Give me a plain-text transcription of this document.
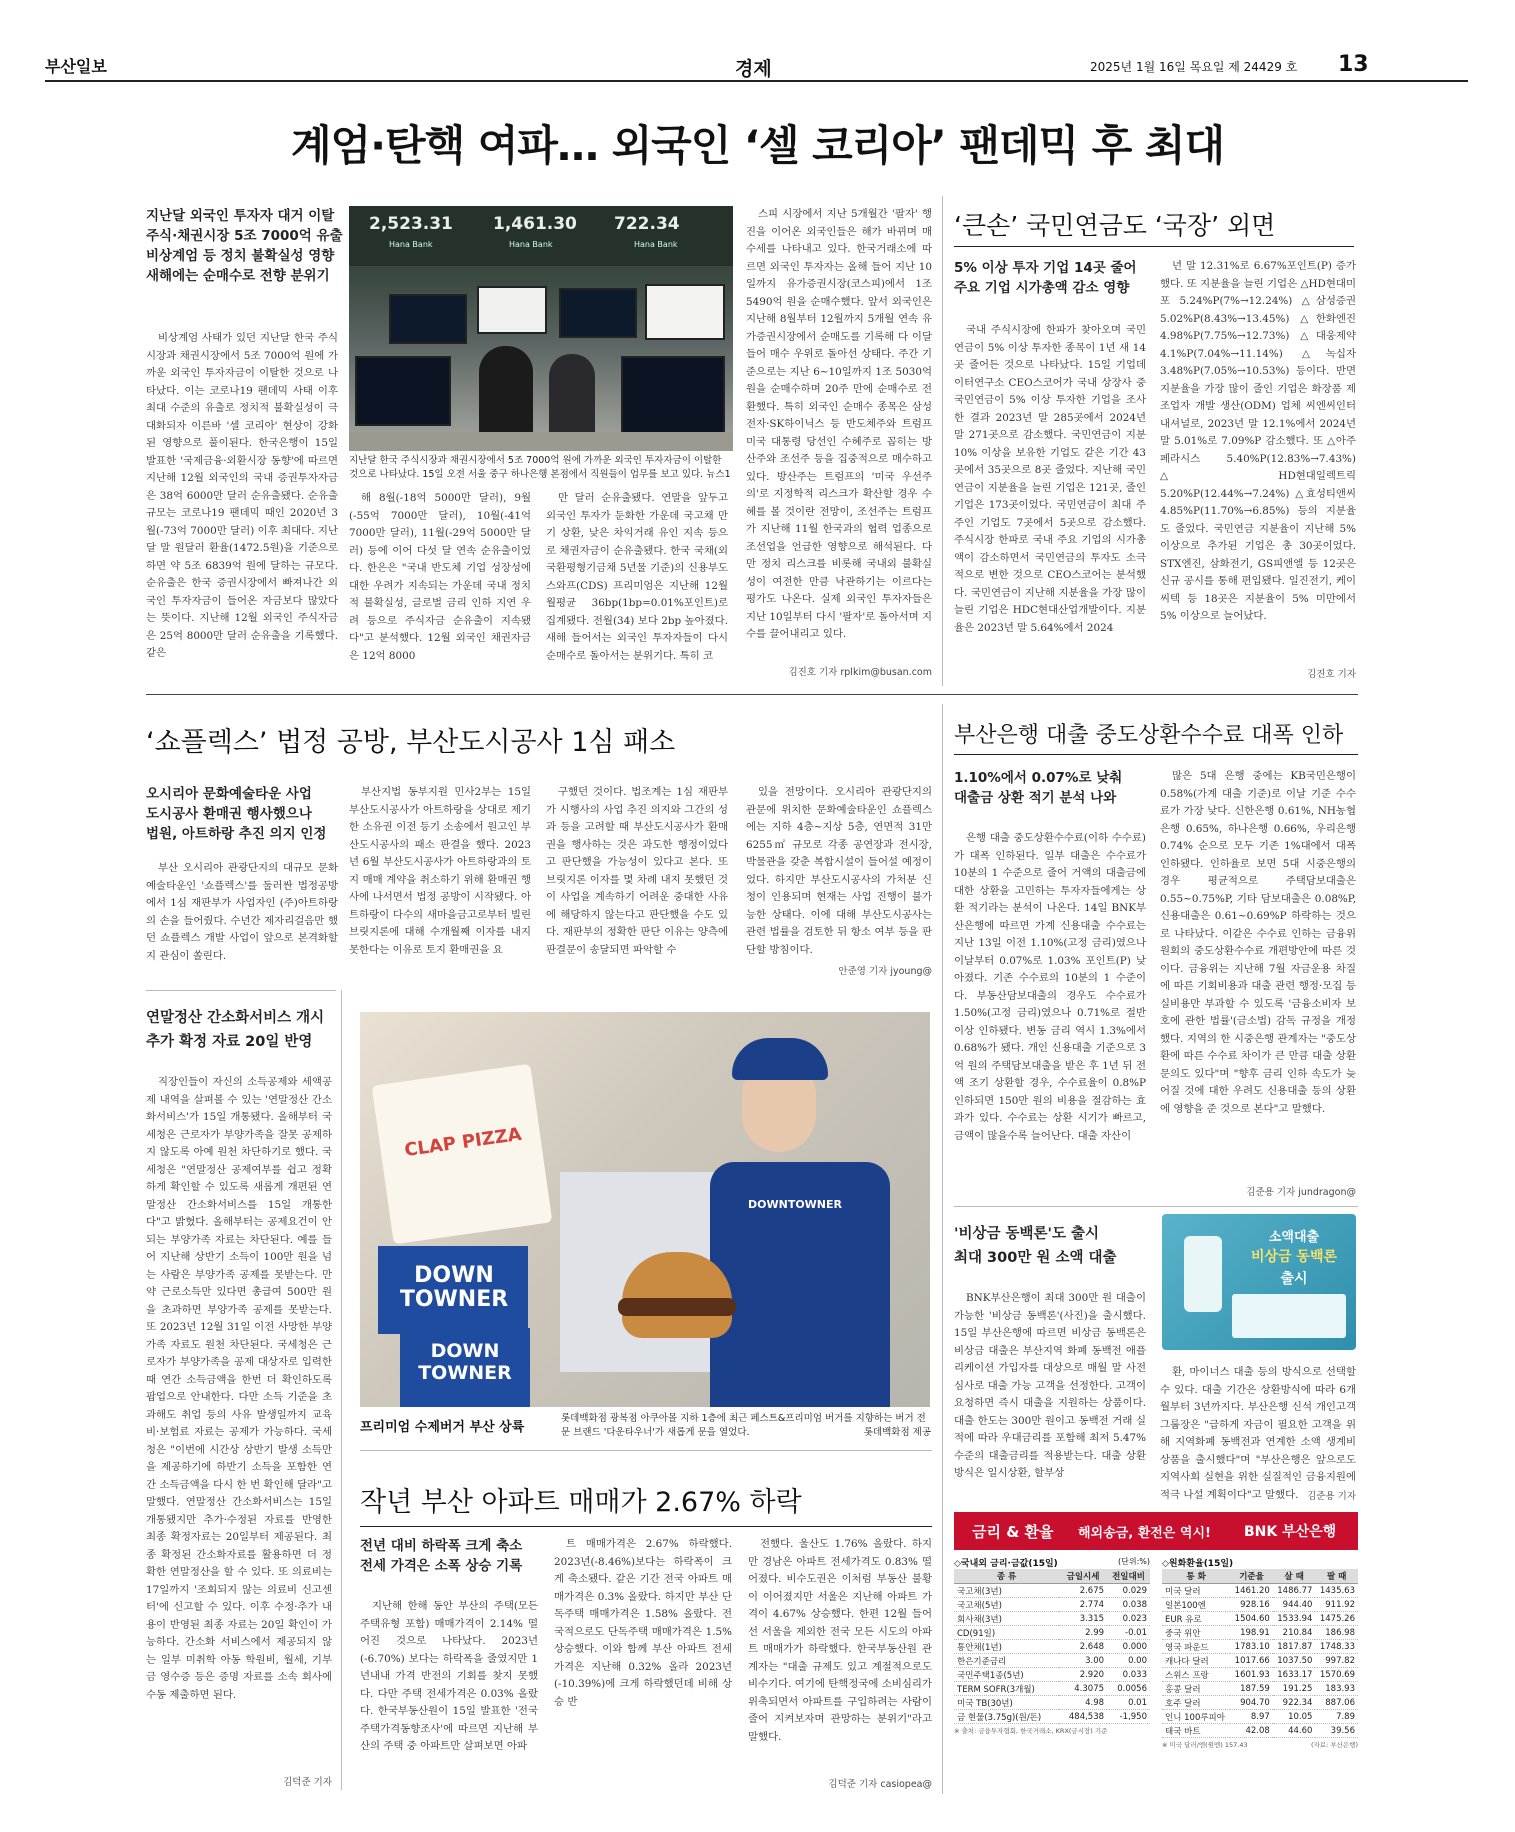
부산일보	경제	2025년 1월 16일 목요일 제 24429 호 13
계엄·탄핵 여파… 외국인 ‘셀 코리아’ 팬데믹 후 최대
지난달 외국인 투자자 대거 이탈
주식·채권시장 5조 7000억 유출
비상계엄 등 정치 불확실성 영향
새해에는 순매수로 전향 분위기

비상계엄 사태가 있던 지난달 한국 주식시장과 채권시장에서 5조 7000억 원에 가까운 외국인 투자자금이 이탈한 것으로 나타났다. 이는 코로나19 팬데믹 사태 이후 최대 수준의 유출로 정치적 불확실성이 극대화되자 이른바 '셀 코리아' 현상이 강화된 영향으로 풀이된다. 한국은행이 15일 발표한 '국제금융·외환시장 동향'에 따르면 지난해 12월 외국인의 국내 증권투자자금은 38억 6000만 달러 순유출됐다. 순유출 규모는 코로나19 팬데믹 때인 2020년 3월(-73억 7000만 달러) 이후 최대다. 지난달 말 원달러 환율(1472.5원)을 기준으로 하면 약 5조 6839억 원에 달하는 규모다. 순유출은 한국 증권시장에서 빠져나간 외국인 투자자금이 들어온 자금보다 많았다는 뜻이다. 지난해 12월 외국인 주식자금은 25억 8000만 달러 순유출을 기록했다. 같은

2,523.31 1,461.30 722.34
Hana Bank	Hana Bank	Hana Bank
지난달 한국 주식시장과 채권시장에서 5조 7000억 원에 가까운 외국인 투자자금이 이탈한 것으로 나타났다. 15일 오전 서울 중구 하나은행 본점에서 직원들이 업무를 보고 있다. 뉴스1

해 8월(-18억 5000만 달러), 9월(-55억 7000만 달러), 10월(-41억 7000만 달러), 11월(-29억 5000만 달러) 등에 이어 다섯 달 연속 순유출이었다. 한은은 "국내 반도체 기업 성장성에 대한 우려가 지속되는 가운데 국내 정치적 불확실성, 글로벌 금리 인하 지연 우려 등으로 주식자금 순유출이 지속됐다"고 분석했다. 12월 외국인 채권자금은 12억 8000

만 달러 순유출됐다. 연말을 앞두고 외국인 투자가 둔화한 가운데 국고채 만기 상환, 낮은 차익거래 유인 지속 등으로 채권자금이 순유출됐다. 한국 국채(외국환평형기금채 5년물 기준)의 신용부도스와프(CDS) 프리미엄은 지난해 12월 월평균 36bp(1bp=0.01%포인트)로 집계됐다. 전월(34) 보다 2bp 높아졌다. 새해 들어서는 외국인 투자자들이 다시 순매수로 돌아서는 분위기다. 특히 코

스피 시장에서 지난 5개월간 '팔자' 행진을 이어온 외국인들은 해가 바뀌며 매수세를 나타내고 있다. 한국거래소에 따르면 외국인 투자자는 올해 들어 지난 10일까지 유가증권시장(코스피)에서 1조 5490억 원을 순매수했다. 앞서 외국인은 지난해 8월부터 12월까지 5개월 연속 유가증권시장에서 순매도를 기록해 다 이달 들어 매수 우위로 돌아선 상태다. 주간 기준으로는 지난 6~10일까지 1조 5030억 원을 순매수하며 20주 만에 순매수로 전환했다. 특히 외국인 순매수 종목은 삼성전자·SK하이닉스 등 반도체주와 트럼프 미국 대통령 당선인 수혜주로 꼽히는 방산주와 조선주 등을 집중적으로 매수하고 있다. 방산주는 트럼프의 '미국 우선주의'로 지정학적 리스크가 확산할 경우 수혜를 볼 것이란 전망이, 조선주는 트럼프가 지난해 11월 한국과의 협력 업종으로 조선업을 언급한 영향으로 해석된다. 다만 정치 리스크를 비롯해 국내외 불확실성이 여전한 만큼 낙관하기는 이르다는 평가도 나온다. 실제 외국인 투자자들은 지난 10일부터 다시 '팔자'로 돌아서며 지수를 끌어내리고 있다.

김진호 기자 rplkim@busan.com
‘큰손’ 국민연금도 ‘국장’ 외면
5% 이상 투자 기업 14곳 줄어
주요 기업 시가총액 감소 영향

국내 주식시장에 한파가 찾아오며 국민연금이 5% 이상 투자한 종목이 1년 새 14곳 줄어든 것으로 나타났다. 15일 기업데이터연구소 CEO스코어가 국내 상장사 중 국민연금이 5% 이상 투자한 기업을 조사한 결과 2023년 말 285곳에서 2024년 말 271곳으로 감소했다. 국민연금이 지분 10% 이상을 보유한 기업도 같은 기간 43곳에서 35곳으로 8곳 줄었다. 지난해 국민연금이 지분율을 늘린 기업은 121곳, 줄인 기업은 173곳이었다. 국민연금이 최대 주주인 기업도 7곳에서 5곳으로 감소했다. 주식시장 한파로 국내 주요 기업의 시가총액이 감소하면서 국민연금의 투자도 소극적으로 변한 것으로 CEO스코어는 분석했다. 국민연금이 지난해 지분율을 가장 많이 늘린 기업은 HDC현대산업개발이다. 지분율은 2023년 말 5.64%에서 2024

년 말 12.31%로 6.67%포인트(P) 증가했다. 또 지분율을 늘린 기업은 △HD현대미포 5.24%P(7%→12.24%) △삼성증권 5.02%P(8.43%→13.45%) △한화엔진 4.98%P(7.75%→12.73%) △대웅제약 4.1%P(7.04%→11.14%) △녹십자 3.48%P(7.05%→10.53%) 등이다. 반면 지분율을 가장 많이 줄인 기업은 화장품 제조업자 개발 생산(ODM) 업체 씨엔씨인터내셔널로, 2023년 말 12.1%에서 2024년 말 5.01%로 7.09%P 감소했다. 또 △아주페라시스 5.40%P(12.83%→7.43%) △HD현대일렉트릭 5.20%P(12.44%→7.24%) △효성티앤씨 4.85%P(11.70%→6.85%) 등의 지분율도 줄었다. 국민연금 지분율이 지난해 5% 이상으로 추가된 기업은 총 30곳이었다. STX엔진, 삼화전기, GS피앤엘 등 12곳은 신규 공시를 통해 편입됐다. 일진전기, 케이씨텍 등 18곳은 지분율이 5% 미만에서 5% 이상으로 늘어났다.

김진호 기자
‘쇼플렉스’ 법정 공방, 부산도시공사 1심 패소
오시리아 문화예술타운 사업
도시공사 환매권 행사했으나
법원, 아트하랑 추진 의지 인정

부산 오시리아 관광단지의 대규모 문화예술타운인 '쇼플렉스'를 둘러싼 법정공방에서 1심 재판부가 사업자인 (주)아트하랑의 손을 들어줬다. 수년간 제자리걸음만 했던 쇼플렉스 개발 사업이 앞으로 본격화할지 관심이 쏠린다.

부산지법 동부지원 민사2부는 15일 부산도시공사가 아트하랑을 상대로 제기한 소유권 이전 등기 소송에서 원고인 부산도시공사의 패소 판결을 했다. 2023년 6월 부산도시공사가 아트하랑과의 토지 매매 계약을 취소하기 위해 환매권 행사에 나서면서 법정 공방이 시작됐다. 아트하랑이 다수의 새마을금고로부터 빌린 브릿지론에 대해 수개월째 이자를 내지 못한다는 이유로 토지 환매권을 요

구했던 것이다. 법조계는 1심 재판부가 시행사의 사업 추진 의지와 그간의 성과 등을 고려할 때 부산도시공사가 환매권을 행사하는 것은 과도한 행정이었다고 판단했을 가능성이 있다고 본다. 또 브릿지론 이자를 몇 차례 내지 못했던 것이 사업을 계속하기 어려운 중대한 사유에 해당하지 않는다고 판단했을 수도 있다. 재판부의 정확한 판단 이유는 양측에 판결문이 송달되면 파악할 수

있을 전망이다. 오시리아 관광단지의 관문에 위치한 문화예술타운인 쇼플렉스에는 지하 4층~지상 5층, 연면적 31만 6255㎡ 규모로 각종 공연장과 전시장, 박물관을 갖춘 복합시설이 들어설 예정이었다. 하지만 부산도시공사의 가처분 신청이 인용되며 현재는 사업 진행이 불가능한 상태다. 이에 대해 부산도시공사는 관련 법률을 검토한 뒤 항소 여부 등을 판단할 방침이다.

안준영 기자 jyoung@
연말정산 간소화서비스 개시
추가 확정 자료 20일 반영

직장인들이 자신의 소득공제와 세액공제 내역을 살펴볼 수 있는 '연말정산 간소화서비스'가 15일 개통됐다. 올해부터 국세청은 근로자가 부양가족을 잘못 공제하지 않도록 아예 원천 차단하기로 했다. 국세청은 "연말정산 공제여부를 쉽고 정확하게 확인할 수 있도록 새롭게 개편된 연말정산 간소화서비스를 15일 개통한다"고 밝혔다. 올해부터는 공제요건이 안 되는 부양가족 자료는 차단된다. 예를 들어 지난해 상반기 소득이 100만 원을 넘는 사람은 부양가족 공제를 못받는다. 만약 근로소득만 있다면 총급여 500만 원을 초과하면 부양가족 공제를 못받는다. 또 2023년 12월 31일 이전 사망한 부양가족 자료도 원천 차단된다. 국세청은 근로자가 부양가족을 공제 대상자로 입력한 때 연간 소득금액을 한번 더 확인하도록 팝업으로 안내한다. 다만 소득 기준을 초과해도 취업 등의 사유 발생일까지 교육비·보험료 자료는 공제가 가능하다. 국세청은 "이번에 시간상 상반기 발생 소득만을 제공하기에 하반기 소득을 포함한 연간 소득금액을 다시 한 번 확인해 달라"고 말했다. 연말정산 간소화서비스는 15일 개통됐지만 추가·수정된 자료를 반영한 최종 확정자료는 20일부터 제공된다. 최종 확정된 간소화자료를 활용하면 더 정확한 연말정산을 할 수 있다. 또 의료비는 17일까지 '조회되지 않는 의료비 신고센터'에 신고할 수 있다. 이후 수정·추가 내용이 반영된 최종 자료는 20일 확인이 가능하다. 간소화 서비스에서 제공되지 않는 일부 미취학 아동 학원비, 월세, 기부금 영수증 등은 증명 자료를 소속 회사에 수동 제출하면 된다.

김덕준 기자
CLAP PIZZA
DOWN TOWNER
DOWN TOWNER
DOWNTOWNER
프리미엄 수제버거 부산 상륙
롯데백화점 광복점 아쿠아몰 지하 1층에 최근 페스트&프리미엄 버거를 지향하는 버거 전문 브랜드 '다운타우너'가 새롭게 문을 열었다.	롯데백화점 제공
작년 부산 아파트 매매가 2.67% 하락
전년 대비 하락폭 크게 축소
전세 가격은 소폭 상승 기록

지난해 한해 동안 부산의 주택(모든 주택유형 포함) 매매가격이 2.14% 떨어진 것으로 나타났다. 2023년(-6.70%) 보다는 하락폭을 줄였지만 1년내내 가격 반전의 기회를 찾지 못했다. 다만 주택 전세가격은 0.03% 올랐다. 한국부동산원이 15일 발표한 '전국주택가격동향조사'에 따르면 지난해 부산의 주택 중 아파트만 살펴보면 아파

트 매매가격은 2.67% 하락했다. 2023년(-8.46%)보다는 하락폭이 크게 축소됐다. 같은 기간 전국 아파트 매매가격은 0.3% 올랐다. 하지만 부산 단독주택 매매가격은 1.58% 올랐다. 전국적으로도 단독주택 매매가격은 1.5% 상승했다. 이와 함께 부산 아파트 전세가격은 지난해 0.32% 올라 2023년(-10.39%)에 크게 하락했던데 비해 상승 반

전했다. 울산도 1.76% 올랐다. 하지만 경남은 아파트 전세가격도 0.83% 떨어졌다. 비수도권은 이처럼 부동산 불황이 이어졌지만 서울은 지난해 아파트 가격이 4.67% 상승했다. 한편 12월 들어선 서울을 제외한 전국 모든 시도의 아파트 매매가가 하락했다. 한국부동산원 관계자는 "대출 규제도 있고 계절적으로도 비수기다. 여기에 탄핵정국에 소비심리가 위축되면서 아파트를 구입하려는 사람이 줄어 지켜보자며 관망하는 분위기"라고 말했다.

김덕준 기자 casiopea@
부산은행 대출 중도상환수수료 대폭 인하
1.10%에서 0.07%로 낮춰
대출금 상환 적기 분석 나와

은행 대출 중도상환수수료(이하 수수료)가 대폭 인하된다. 일부 대출은 수수료가 10분의 1 수준으로 줄어 거액의 대출금에 대한 상환을 고민하는 투자자들에게는 상환 적기라는 분석이 나온다. 14일 BNK부산은행에 따르면 가계 신용대출 수수료는 지난 13일 이전 1.10%(고정 금리)였으나 이날부터 0.07%로 1.03% 포인트(P) 낮아졌다. 기존 수수료의 10분의 1 수준이다. 부동산담보대출의 경우도 수수료가 1.50%(고정 금리)였으나 0.71%로 절반 이상 인하됐다. 변동 금리 역시 1.3%에서 0.68%가 됐다. 개인 신용대출 기준으로 3억 원의 주택담보대출을 받은 후 1년 뒤 전액 조기 상환할 경우, 수수료율이 0.8%P 인하되면 150만 원의 비용을 절감하는 효과가 있다. 수수료는 상환 시기가 빠르고, 금액이 많을수록 늘어난다. 대출 자산이

많은 5대 은행 중에는 KB국민은행이 0.58%(가계 대출 기준)로 이날 기준 수수료가 가장 낮다. 신한은행 0.61%, NH농협은행 0.65%, 하나은행 0.66%, 우리은행 0.74% 순으로 모두 기존 1%대에서 대폭 인하됐다. 인하율로 보면 5대 시중은행의 경우 평균적으로 주택담보대출은 0.55~0.75%P, 기타 담보대출은 0.08%P, 신용대출은 0.61~0.69%P 하락하는 것으로 나타났다. 이같은 수수료 인하는 금융위원회의 중도상환수수료 개편방안에 따른 것이다. 금융위는 지난해 7월 자금운용 차질에 따른 기회비용과 대출 관련 행정·모집 등 실비용만 부과할 수 있도록 '금융소비자 보호에 관한 법률'(금소법) 감독 규정을 개정했다. 지역의 한 시중은행 관계자는 "중도상환에 따른 수수료 차이가 큰 만큼 대출 상환 문의도 있다"며 "향후 금리 인하 속도가 늦어질 것에 대한 우려도 신용대출 등의 상환에 영향을 준 것으로 본다"고 말했다.

김준용 기자 jundragon@
'비상금 동백론'도 출시
최대 300만 원 소액 대출
소액대출
비상금 동백론
출시

BNK부산은행이 최대 300만 원 대출이 가능한 '비상금 동백론'(사진)을 출시했다. 15일 부산은행에 따르면 비상금 동백론은 비상금 대출은 부산지역 화폐 동백전 애플리케이션 가입자를 대상으로 매월 말 사전심사로 대출 가능 고객을 선정한다. 고객이 요청하면 즉시 대출을 지원하는 상품이다. 대출 한도는 300만 원이고 동백전 거래 실적에 따라 우대금리를 포함해 최저 5.47% 수준의 대출금리를 적용받는다. 대출 상환 방식은 일시상환, 할부상

환, 마이너스 대출 등의 방식으로 선택할 수 있다. 대출 기간은 상환방식에 따라 6개월부터 3년까지다. 부산은행 신석 개인고객그룹장은 "급하게 자금이 필요한 고객을 위해 지역화폐 동백전과 연계한 소액 생계비 상품을 출시했다"며 "부산은행은 앞으로도 지역사회 실현을 위한 실질적인 금융지원에 적극 나설 계획이다"고 말했다. 김준용 기자
금리 & 환율 해외송금, 환전은 역시! BNK 부산은행
◇국내외 금리·금값(15일)	(단위:%)
종 류	금일시세	전일대비
국고채(3년)	2.675	0.029
국고채(5년)	2.774	0.038
회사채(3년)	3.315	0.023
CD(91일)	2.99	-0.01
통안채(1년)	2.648	0.000
한은기준금리	3.00	0.00
국민주택1종(5년)	2.920	0.033
TERM SOFR(3개월)	4.3075	0.0056
미국 TB(30년)	4.98	0.01
금 현물(3.75g)(원/돈)	484,538	-1,950
※ 출처: 금융투자협회, 한국거래소, KRX(금시장) 기준
◇원화환율(15일)
통 화	기준율	살 때	팔 때
미국 달러	1461.20	1486.77	1435.63
일본100엔	928.16	944.40	911.92
EUR 유로	1504.60	1533.94	1475.26
중국 위안	198.91	210.84	186.98
영국 파운드	1783.10	1817.87	1748.33
캐나다 달러	1017.66	1037.50	997.82
스위스 프랑	1601.93	1633.17	1570.69
홍콩 달러	187.59	191.25	183.93
호주 달러	904.70	922.34	887.06
인니 100루피아	8.97	10.05	7.89
태국 바트	42.08	44.60	39.56
※ 미국 달러/엔(원엔) 157.43	(자료: 부산은행)
